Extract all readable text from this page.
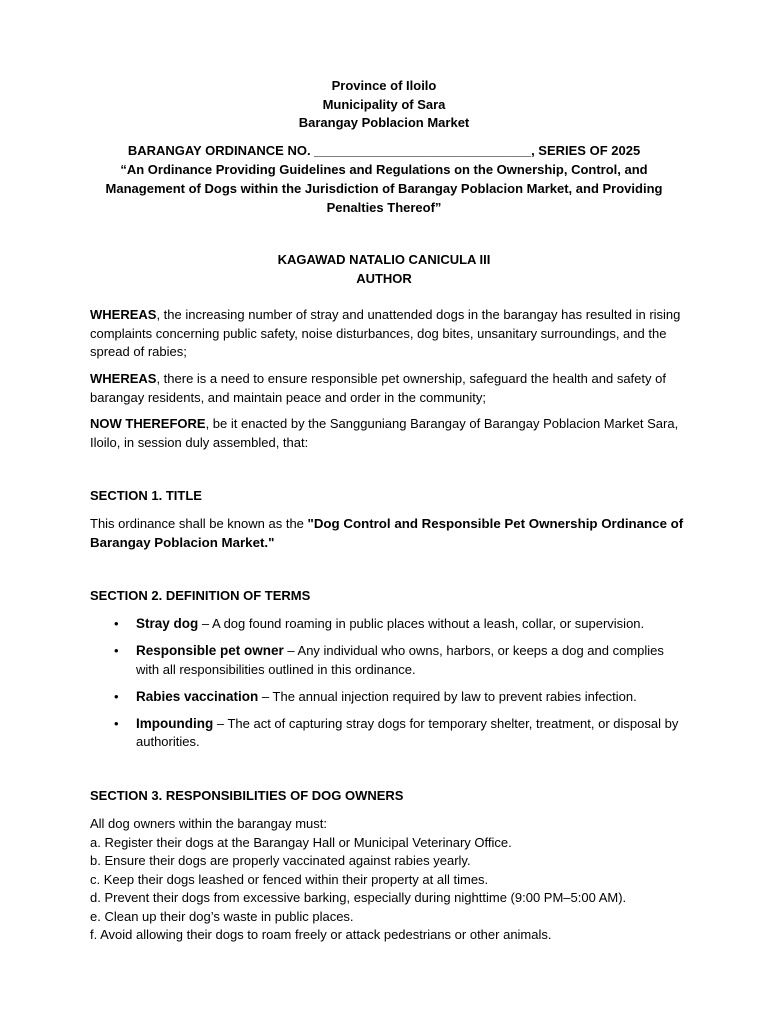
Province of Iloilo
Municipality of Sara
Barangay Poblacion Market
BARANGAY ORDINANCE NO. ______________________________, SERIES OF 2025
“An Ordinance Providing Guidelines and Regulations on the Ownership, Control, and Management of Dogs within the Jurisdiction of Barangay Poblacion Market, and Providing Penalties Thereof”
KAGAWAD NATALIO CANICULA III
AUTHOR
WHEREAS, the increasing number of stray and unattended dogs in the barangay has resulted in rising complaints concerning public safety, noise disturbances, dog bites, unsanitary surroundings, and the spread of rabies;
WHEREAS, there is a need to ensure responsible pet ownership, safeguard the health and safety of barangay residents, and maintain peace and order in the community;
NOW THEREFORE, be it enacted by the Sangguniang Barangay of Barangay Poblacion Market Sara, Iloilo, in session duly assembled, that:
SECTION 1. TITLE
This ordinance shall be known as the "Dog Control and Responsible Pet Ownership Ordinance of Barangay Poblacion Market."
SECTION 2. DEFINITION OF TERMS
• Stray dog – A dog found roaming in public places without a leash, collar, or supervision.
• Responsible pet owner – Any individual who owns, harbors, or keeps a dog and complies with all responsibilities outlined in this ordinance.
• Rabies vaccination – The annual injection required by law to prevent rabies infection.
• Impounding – The act of capturing stray dogs for temporary shelter, treatment, or disposal by authorities.
SECTION 3. RESPONSIBILITIES OF DOG OWNERS
All dog owners within the barangay must:
a. Register their dogs at the Barangay Hall or Municipal Veterinary Office.
b. Ensure their dogs are properly vaccinated against rabies yearly.
c. Keep their dogs leashed or fenced within their property at all times.
d. Prevent their dogs from excessive barking, especially during nighttime (9:00 PM–5:00 AM).
e. Clean up their dog’s waste in public places.
f. Avoid allowing their dogs to roam freely or attack pedestrians or other animals.
